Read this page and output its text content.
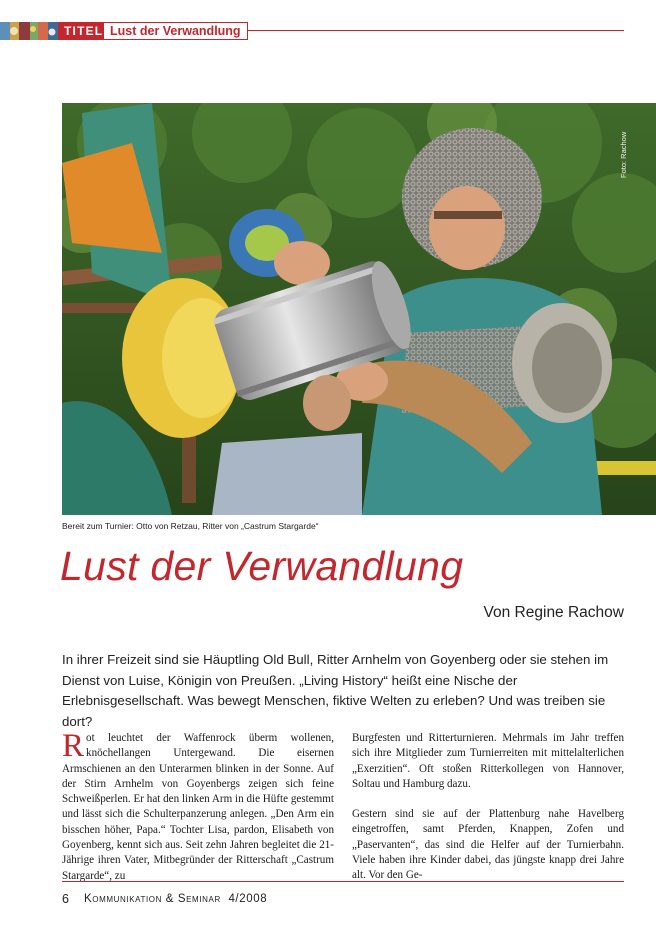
TITEL Lust der Verwandlung
Foto: Rachow
Bereit zum Turnier: Otto von Retzau, Ritter von „Castrum Stargarde“
Lust der Verwandlung
Von Regine Rachow
In ihrer Freizeit sind sie Häuptling Old Bull, Ritter Arnhelm von Goyenberg oder sie stehen im Dienst von Luise, Königin von Preußen. „Living History“ heißt eine Nische der Erlebnisgesellschaft. Was bewegt Menschen, fiktive Welten zu erleben? Und was treiben sie dort?

Rot leuchtet der Waffenrock überm wollenen, knöchellangen Untergewand. Die eisernen Armschienen an den Unterarmen blinken in der Sonne. Auf der Stirn Arnhelm von Goyenbergs zeigen sich feine Schweißperlen. Er hat den linken Arm in die Hüfte gestemmt und lässt sich die Schulterpanzerung anlegen. „Den Arm ein bisschen höher, Papa.“ Tochter Lisa, pardon, Elisabeth von Goyenberg, kennt sich aus. Seit zehn Jahren begleitet die 21-Jährige ihren Vater, Mitbegründer der Ritterschaft „Castrum Stargarde“, zu

Burgfesten und Ritterturnieren. Mehrmals im Jahr treffen sich ihre Mitglieder zum Turnierreiten mit mittelalterlichen „Exerzitien“. Oft stoßen Ritterkollegen von Hannover, Soltau und Hamburg dazu.

Gestern sind sie auf der Plattenburg nahe Havelberg eingetroffen, samt Pferden, Knappen, Zofen und „Paservanten“, das sind die Helfer auf der Turnierbahn. Viele haben ihre Kinder dabei, das jüngste knapp drei Jahre alt. Vor den Ge-

6 Kommunikation & Seminar 4/2008
